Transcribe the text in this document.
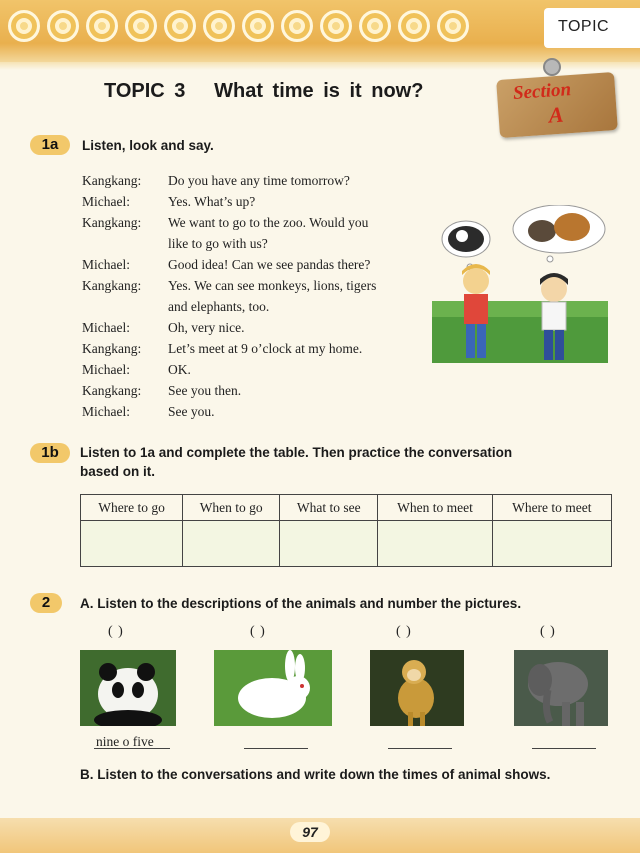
TOPIC
TOPIC 3   What time is it now?	Section
A
1a	Listen, look and say.
Kangkang:	Do you have any time tomorrow?
Michael:	Yes. What’s up?
Kangkang:	We want to go to the zoo. Would you
like to go with us?
Michael:	Good idea! Can we see pandas there?
Kangkang:	Yes. We can see monkeys, lions, tigers
and elephants, too.
Michael:	Oh, very nice.
Kangkang:	Let’s meet at 9 o’clock at my home.
Michael:	OK.
Kangkang:	See you then.
Michael:	See you.
1b	Listen to 1a and complete the table. Then practice the conversation
based on it.
Where to go	When to go	What to see	When to meet	Where to meet

2	A. Listen to the descriptions of the animals and number the pictures.
( )	( )	( )	( )
nine o five
B. Listen to the conversations and write down the times of animal shows.
97
